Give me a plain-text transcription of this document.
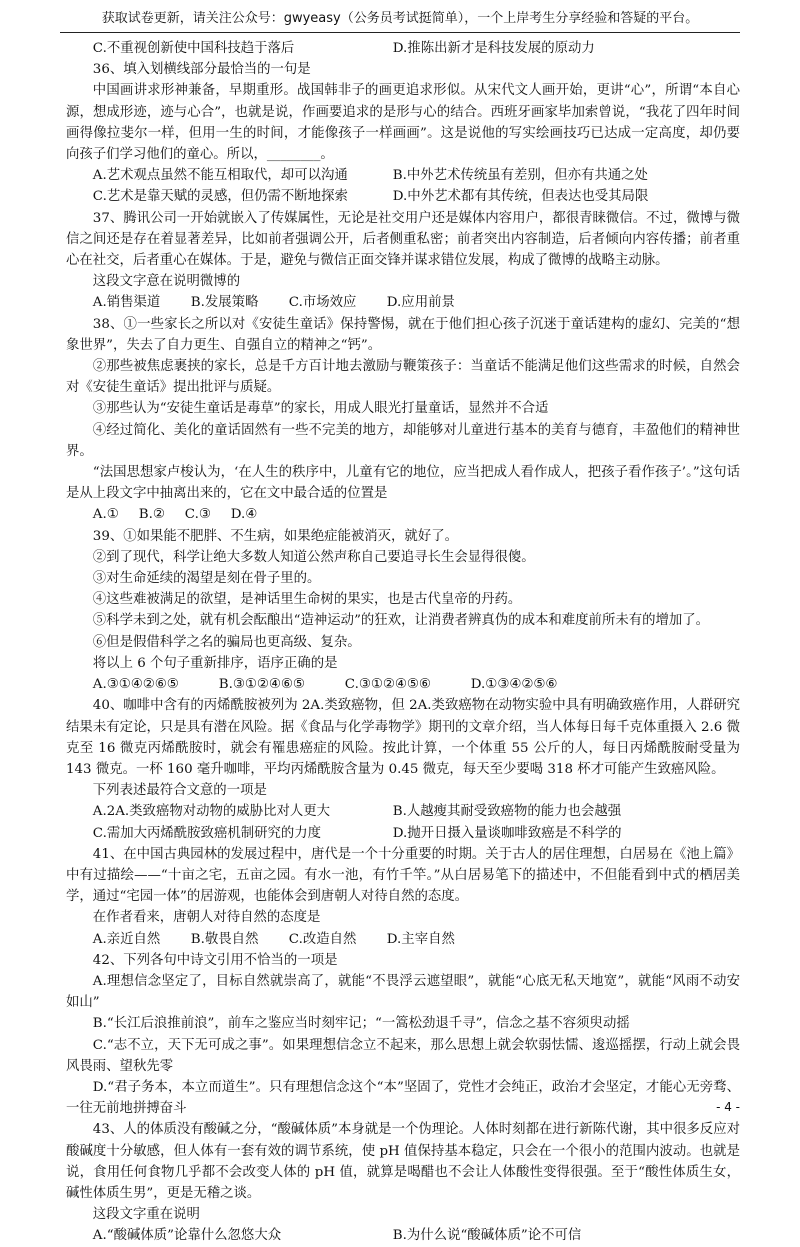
获取试卷更新，请关注公众号：gwyeasy（公务员考试挺简单），一个上岸考生分享经验和答疑的平台。

C.不重视创新使中国科技趋于落后	D.推陈出新才是科技发展的原动力

36、填入划横线部分最恰当的一句是

中国画讲求形神兼备，早期重形。战国韩非子的画更追求形似。从宋代文人画开始，更讲“心”，所谓“本自心源，想成形迹，迹与心合”，也就是说，作画要追求的是形与心的结合。西班牙画家毕加索曾说，“我花了四年时间画得像拉斐尔一样，但用一生的时间，才能像孩子一样画画”。这是说他的写实绘画技巧已达成一定高度，却仍要向孩子们学习他们的童心。所以，________。

A.艺术观点虽然不能互相取代，却可以沟通	B.中外艺术传统虽有差别，但亦有共通之处

C.艺术是靠天赋的灵感，但仍需不断地探索	D.中外艺术都有其传统，但表达也受其局限

37、腾讯公司一开始就嵌入了传媒属性，无论是社交用户还是媒体内容用户，都很青睐微信。不过，微博与微信之间还是存在着显著差异，比如前者强调公开，后者侧重私密；前者突出内容制造，后者倾向内容传播；前者重心在社交，后者重心在媒体。于是，避免与微信正面交锋并谋求错位发展，构成了微博的战略主动脉。

这段文字意在说明微博的

A.销售渠道 B.发展策略 C.市场效应 D.应用前景

38、①一些家长之所以对《安徒生童话》保持警惕，就在于他们担心孩子沉迷于童话建构的虚幻、完美的“想象世界”，失去了自力更生、自强自立的精神之“钙”。

②那些被焦虑裹挟的家长，总是千方百计地去激励与鞭策孩子：当童话不能满足他们这些需求的时候，自然会对《安徒生童话》提出批评与质疑。

③那些认为“安徒生童话是毒草”的家长，用成人眼光打量童话，显然并不合适

④经过简化、美化的童话固然有一些不完美的地方，却能够对儿童进行基本的美育与德育，丰盈他们的精神世界。

“法国思想家卢梭认为，‘在人生的秩序中，儿童有它的地位，应当把成人看作成人，把孩子看作孩子’。”这句话是从上段文字中抽离出来的，它在文中最合适的位置是

A.① B.② C.③ D.④

39、①如果能不肥胖、不生病，如果绝症能被消灭，就好了。

②到了现代，科学让绝大多数人知道公然声称自己要追寻长生会显得很傻。

③对生命延续的渴望是刻在骨子里的。

④这些难被满足的欲望，是神话里生命树的果实，也是古代皇帝的丹药。

⑤科学未到之处，就有机会酝酿出“造神运动”的狂欢，让消费者辨真伪的成本和难度前所未有的增加了。

⑥但是假借科学之名的骗局也更高级、复杂。

将以上 6 个句子重新排序，语序正确的是

A.③①④②⑥⑤	B.③①②④⑥⑤	C.③①②④⑤⑥	D.①③④②⑤⑥

40、咖啡中含有的丙烯酰胺被列为 2A.类致癌物，但 2A.类致癌物在动物实验中具有明确致癌作用，人群研究结果未有定论，只是具有潜在风险。据《食品与化学毒物学》期刊的文章介绍，当人体每日每千克体重摄入 2.6 微克至 16 微克丙烯酰胺时，就会有罹患癌症的风险。按此计算，一个体重 55 公斤的人，每日丙烯酰胺耐受量为 143 微克。一杯 160 毫升咖啡，平均丙烯酰胺含量为 0.45 微克，每天至少要喝 318 杯才可能产生致癌风险。

下列表述最符合文意的一项是

A.2A.类致癌物对动物的威胁比对人更大	B.人越瘦其耐受致癌物的能力也会越强

C.需加大丙烯酰胺致癌机制研究的力度	D.抛开日摄入量谈咖啡致癌是不科学的

41、在中国古典园林的发展过程中，唐代是一个十分重要的时期。关于古人的居住理想，白居易在《池上篇》中有过描绘——“十亩之宅，五亩之园。有水一池，有竹千竿。”从白居易笔下的描述中，不但能看到中式的栖居美学，通过“宅园一体”的居游观，也能体会到唐朝人对待自然的态度。

在作者看来，唐朝人对待自然的态度是

A.亲近自然 B.敬畏自然 C.改造自然 D.主宰自然

42、下列各句中诗文引用不恰当的一项是

A.理想信念坚定了，目标自然就崇高了，就能“不畏浮云遮望眼”，就能“心底无私天地宽”，就能“风雨不动安如山”

B.“长江后浪推前浪”，前车之鉴应当时刻牢记；“一篙松劲退千寻”，信念之基不容须臾动摇

C.“志不立，天下无可成之事”。如果理想信念立不起来，那么思想上就会软弱怯懦、逡巡摇摆，行动上就会畏风畏雨、望秋先零

D.“君子务本，本立而道生”。只有理想信念这个“本”坚固了，党性才会纯正，政治才会坚定，才能心无旁骛、一往无前地拼搏奋斗

43、人的体质没有酸碱之分，“酸碱体质”本身就是一个伪理论。人体时刻都在进行新陈代谢，其中很多反应对酸碱度十分敏感，但人体有一套有效的调节系统，使 pH 值保持基本稳定，只会在一个很小的范围内波动。也就是说，食用任何食物几乎都不会改变人体的 pH 值，就算是喝醋也不会让人体酸性变得很强。至于“酸性体质生女，碱性体质生男”，更是无稽之谈。

这段文字重在说明

A.“酸碱体质”论靠什么忽悠大众	B.为什么说“酸碱体质”论不可信

- 4 -
